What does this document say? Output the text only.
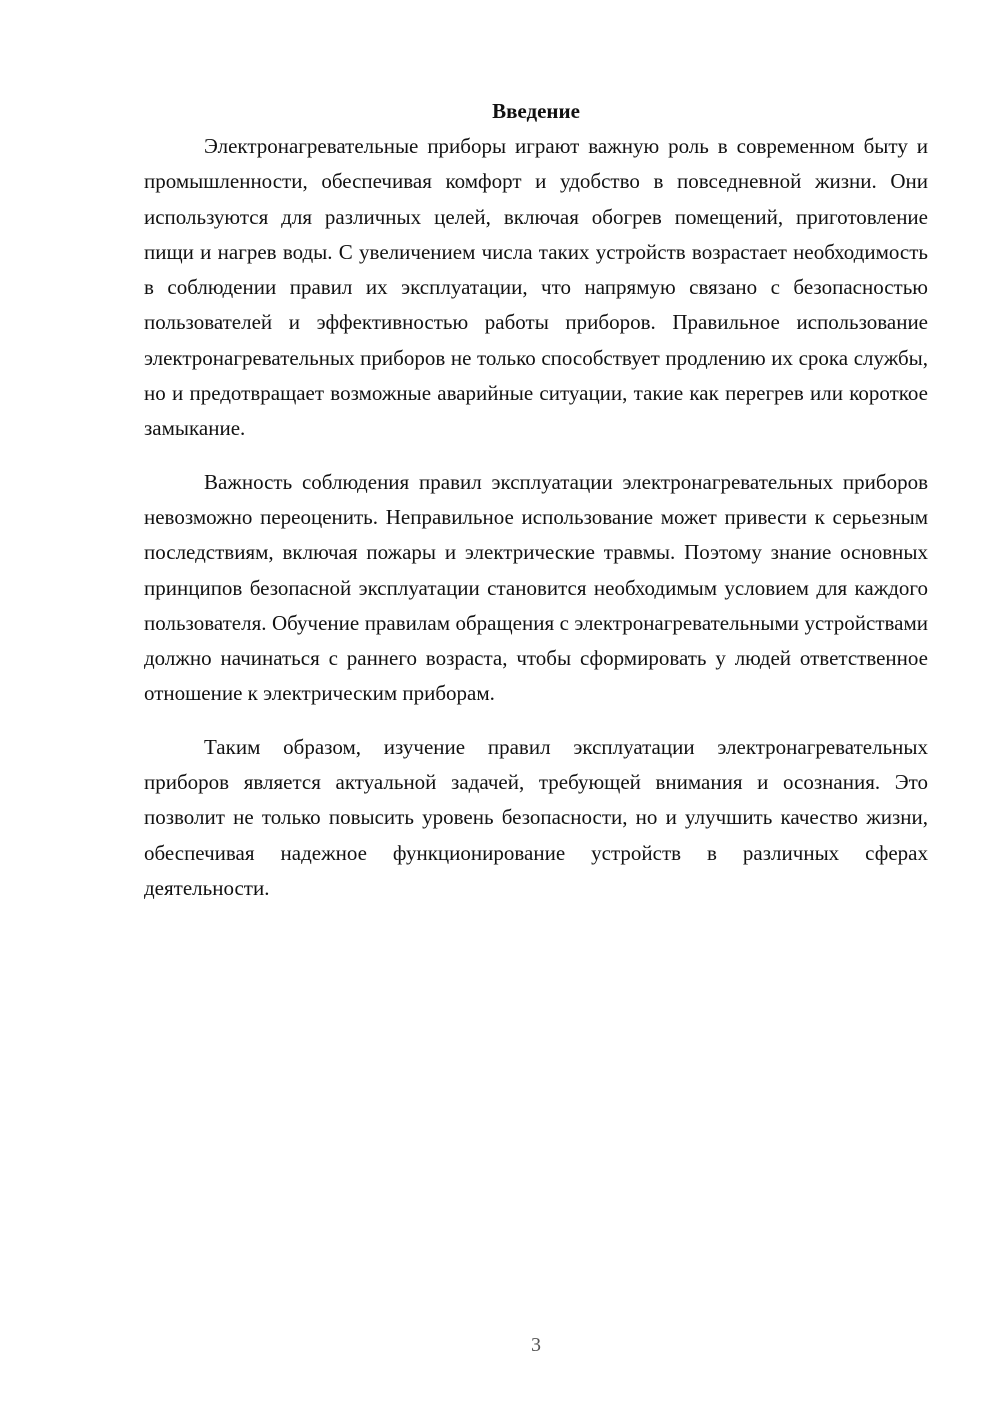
Введение

Электронагревательные приборы играют важную роль в современном быту и промышленности, обеспечивая комфорт и удобство в повседневной жизни. Они используются для различных целей, включая обогрев помещений, приготовление пищи и нагрев воды. С увеличением числа таких устройств возрастает необходимость в соблюдении правил их эксплуатации, что напрямую связано с безопасностью пользователей и эффективностью работы приборов. Правильное использование электронагревательных приборов не только способствует продлению их срока службы, но и предотвращает возможные аварийные ситуации, такие как перегрев или короткое замыкание.

Важность соблюдения правил эксплуатации электронагревательных приборов невозможно переоценить. Неправильное использование может привести к серьезным последствиям, включая пожары и электрические травмы. Поэтому знание основных принципов безопасной эксплуатации становится необходимым условием для каждого пользователя. Обучение правилам обращения с электронагревательными устройствами должно начинаться с раннего возраста, чтобы сформировать у людей ответственное отношение к электрическим приборам.

Таким образом, изучение правил эксплуатации электронагревательных приборов является актуальной задачей, требующей внимания и осознания. Это позволит не только повысить уровень безопасности, но и улучшить качество жизни, обеспечивая надежное функционирование устройств в различных сферах деятельности.

3
